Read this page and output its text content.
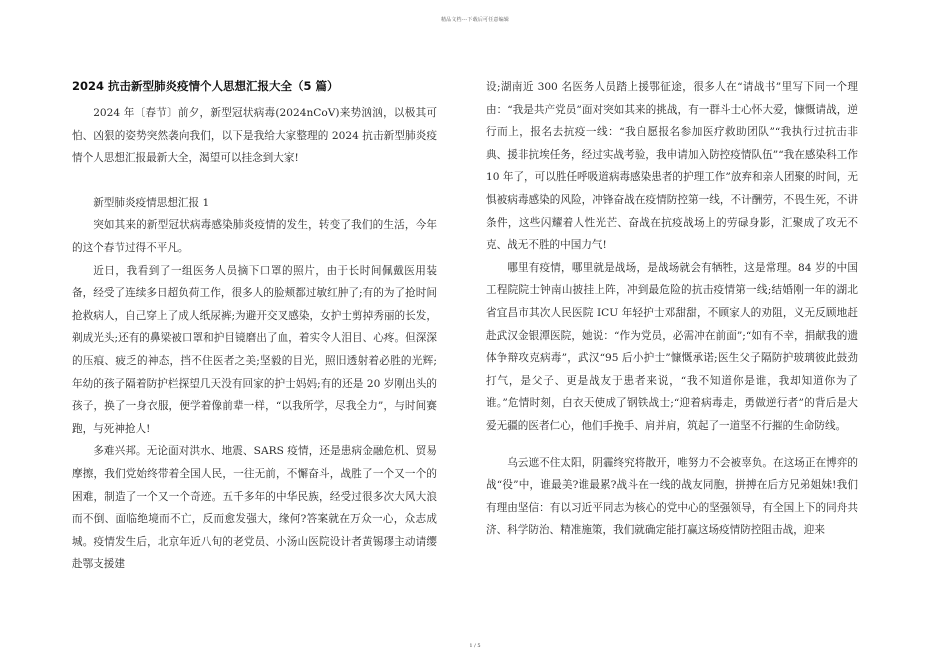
精品文档---下载后可任意编辑
2024 抗击新型肺炎疫情个人思想汇报大全（5 篇）

2024 年〔春节〕前夕，新型冠状病毒(2024nCoV)来势汹汹，以极其可怕、凶狠的姿势突然袭向我们，以下是我给大家整理的 2024 抗击新型肺炎疫情个人思想汇报最新大全，渴望可以挂念到大家!

新型肺炎疫情思想汇报 1

突如其来的新型冠状病毒感染肺炎疫情的发生，转变了我们的生活，今年的这个春节过得不平凡。

近日，我看到了一组医务人员摘下口罩的照片，由于长时间佩戴医用装备，经受了连续多日超负荷工作，很多人的脸颊都过敏红肿了;有的为了抢时间抢救病人，自己穿上了成人纸尿裤;为避开交叉感染，女护士剪掉秀丽的长发，剃成光头;还有的鼻梁被口罩和护目镜磨出了血，着实令人泪目、心疼。但深深的压痕、疲乏的神态，挡不住医者之美;坚毅的目光，照旧透射着必胜的光辉;年幼的孩子隔着防护栏探望几天没有回家的护士妈妈;有的还是 20 岁刚出头的孩子，换了一身衣服，便学着像前辈一样，“以我所学，尽我全力”，与时间赛跑，与死神抢人!

多难兴邦。无论面对洪水、地震、SARS 疫情，还是患病金融危机、贸易摩擦，我们党始终带着全国人民，一往无前，不懈奋斗，战胜了一个又一个的困难，制造了一个又一个奇迹。五千多年的中华民族，经受过很多次大风大浪而不倒、面临绝境而不亡，反而愈发强大，缘何?答案就在万众一心，众志成城。疫情发生后，北京年近八旬的老党员、小汤山医院设计者黄锡璆主动请缨赴鄂支援建

设;湖南近 300 名医务人员踏上援鄂征途，很多人在“请战书”里写下同一个理由：“我是共产党员”面对突如其来的挑战，有一群斗士心怀大爱，慷慨请战，逆行而上，报名去抗疫一线：“我自愿报名参加医疗救助团队”“我执行过抗击非典、援非抗埃任务，经过实战考验，我申请加入防控疫情队伍”“我在感染科工作 10 年了，可以胜任呼吸道病毒感染患者的护理工作”放弃和亲人团聚的时间，无惧被病毒感染的风险，冲锋奋战在疫情防控第一线，不计酬劳，不畏生死，不讲条件，这些闪耀着人性光芒、奋战在抗疫战场上的劳碌身影，汇聚成了攻无不克、战无不胜的中国力气!

哪里有疫情，哪里就是战场，是战场就会有牺牲，这是常理。84 岁的中国工程院院士钟南山披挂上阵，冲到最危险的抗击疫情第一线;结婚刚一年的湖北省宜昌市其次人民医院 ICU 年轻护士邓甜甜，不顾家人的劝阻，义无反顾地赶赴武汉金银潭医院，她说：“作为党员，必需冲在前面”;“如有不幸，捐献我的遗体争辩攻克病毒”，武汉“95 后小护士”慷慨承诺;医生父子隔防护玻璃彼此鼓劲打气，是父子、更是战友于患者来说，“我不知道你是谁，我却知道你为了谁。”危情时刻，白衣天使成了钢铁战士;“迎着病毒走，勇做逆行者”的背后是大爱无疆的医者仁心，他们手挽手、肩并肩，筑起了一道坚不行摧的生命防线。

乌云遮不住太阳，阴霾终究将散开，唯努力不会被辜负。在这场正在博弈的战“役”中，谁最美?谁最累?战斗在一线的战友同胞，拼搏在后方兄弟姐妹!我们有理由坚信：有以习近平同志为核心的党中心的坚强领导，有全国上下的同舟共济、科学防治、精准施策，我们就确定能打赢这场疫情防控阻击战，迎来

1 / 5
